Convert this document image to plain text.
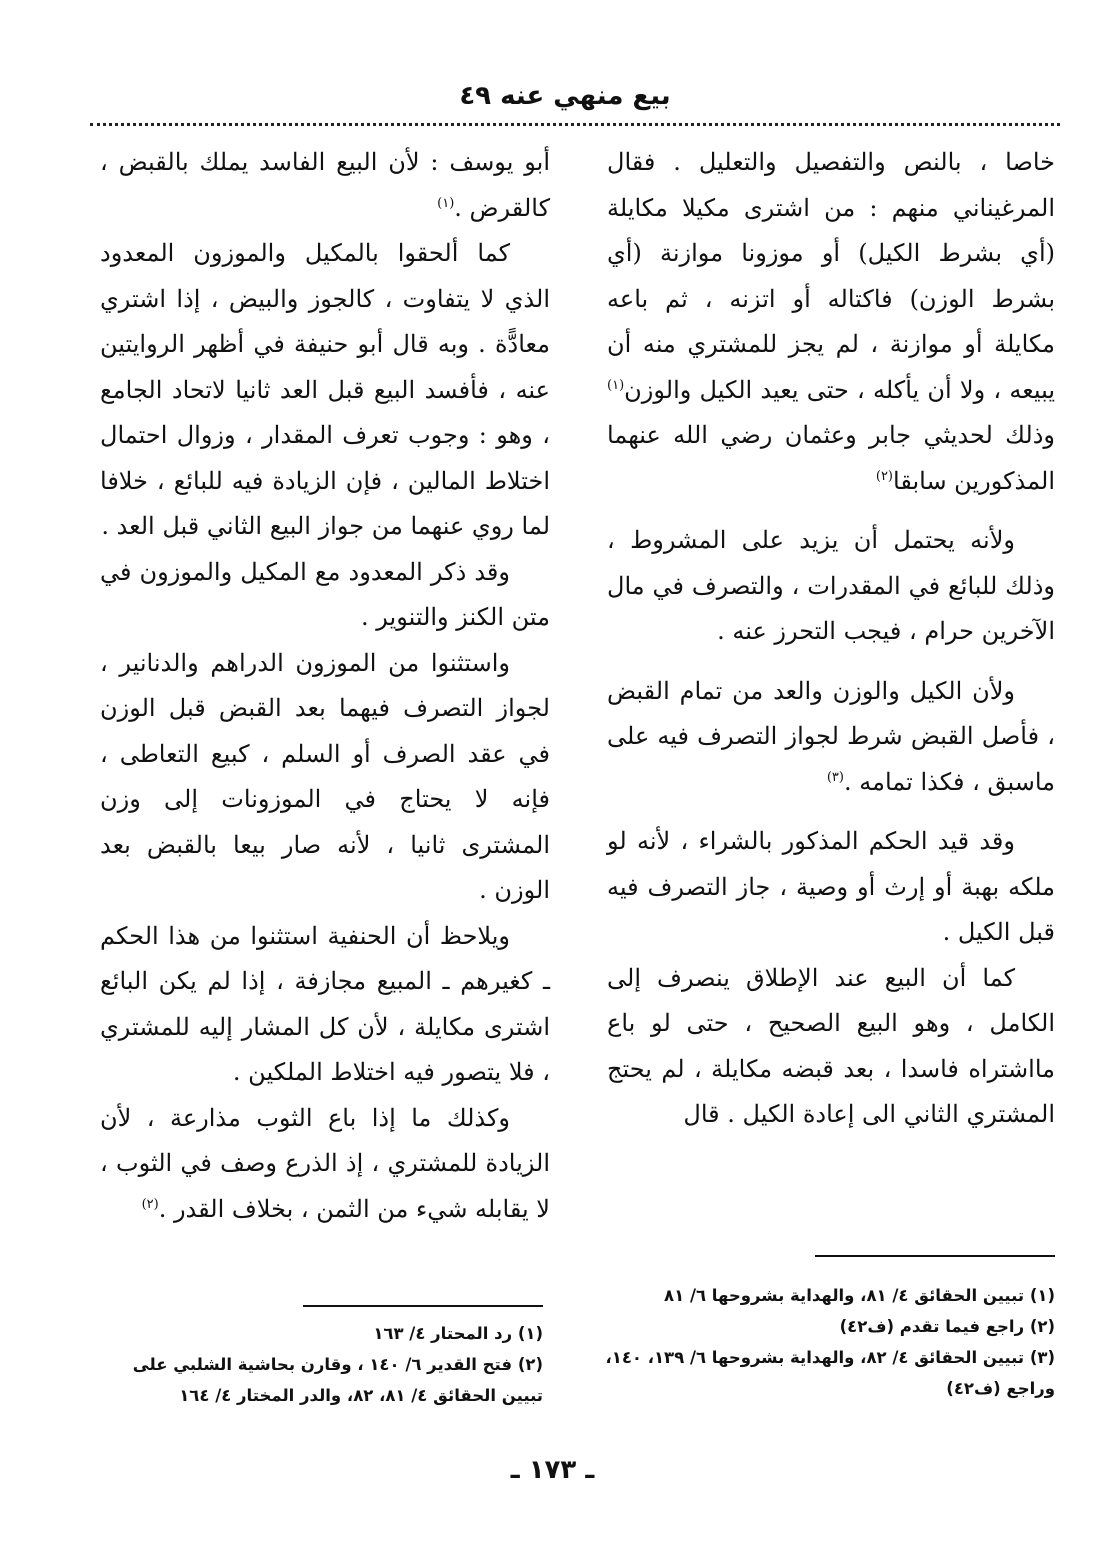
بيع منهي عنه ٤٩

خاصا ، بالنص والتفصيل والتعليل . فقال المرغيناني منهم : من اشترى مكيلا مكايلة (أي بشرط الكيل) أو موزونا موازنة (أي بشرط الوزن) فاكتاله أو اتزنه ، ثم باعه مكايلة أو موازنة ، لم يجز للمشتري منه أن يبيعه ، ولا أن يأكله ، حتى يعيد الكيل والوزن$^{(١)}$ وذلك لحديثي جابر وعثمان رضي الله عنهما المذكورين سابقا$^{(٢)}$

ولأنه يحتمل أن يزيد على المشروط ، وذلك للبائع في المقدرات ، والتصرف في مال الآخرين حرام ، فيجب التحرز عنه .

ولأن الكيل والوزن والعد من تمام القبض ، فأصل القبض شرط لجواز التصرف فيه على ماسبق ، فكذا تمامه .$^{(٣)}$

وقد قيد الحكم المذكور بالشراء ، لأنه لو ملكه بهبة أو إرث أو وصية ، جاز التصرف فيه قبل الكيل .

كما أن البيع عند الإطلاق ينصرف إلى الكامل ، وهو البيع الصحيح ، حتى لو باع مااشتراه فاسدا ، بعد قبضه مكايلة ، لم يحتج المشتري الثاني الى إعادة الكيل . قال

أبو يوسف : لأن البيع الفاسد يملك بالقبض ، كالقرض .$^{(١)}$

كما ألحقوا بالمكيل والموزون المعدود الذي لا يتفاوت ، كالجوز والبيض ، إذا اشتري معادًّة . وبه قال أبو حنيفة في أظهر الروايتين عنه ، فأفسد البيع قبل العد ثانيا لاتحاد الجامع ، وهو : وجوب تعرف المقدار ، وزوال احتمال اختلاط المالين ، فإن الزيادة فيه للبائع ، خلافا لما روي عنهما من جواز البيع الثاني قبل العد .

وقد ذكر المعدود مع المكيل والموزون في متن الكنز والتنوير .

واستثنوا من الموزون الدراهم والدنانير ، لجواز التصرف فيهما بعد القبض قبل الوزن في عقد الصرف أو السلم ، كبيع التعاطى ، فإنه لا يحتاج في الموزونات إلى وزن المشترى ثانيا ، لأنه صار بيعا بالقبض بعد الوزن .

ويلاحظ أن الحنفية استثنوا من هذا الحكم ـ كغيرهم ـ المبيع مجازفة ، إذا لم يكن البائع اشترى مكايلة ، لأن كل المشار إليه للمشتري ، فلا يتصور فيه اختلاط الملكين .

وكذلك ما إذا باع الثوب مذارعة ، لأن الزيادة للمشتري ، إذ الذرع وصف في الثوب ، لا يقابله شيء من الثمن ، بخلاف القدر .$^{(٢)}$

(١) تبيين الحقائق ٤/ ٨١، والهداية بشروحها ٦/ ٨١

(٢) راجع فيما تقدم (ف٤٢)

(٣) تبيين الحقائق ٤/ ٨٢، والهداية بشروحها ٦/ ١٣٩، ١٤٠، وراجع (ف٤٢)

(١) رد المحتار ٤/ ١٦٣

(٢) فتح القدير ٦/ ١٤٠ ، وقارن بحاشية الشلبي على تبيين الحقائق ٤/ ٨١، ٨٢، والدر المختار ٤/ ١٦٤

ـ ١٧٣ ـ
